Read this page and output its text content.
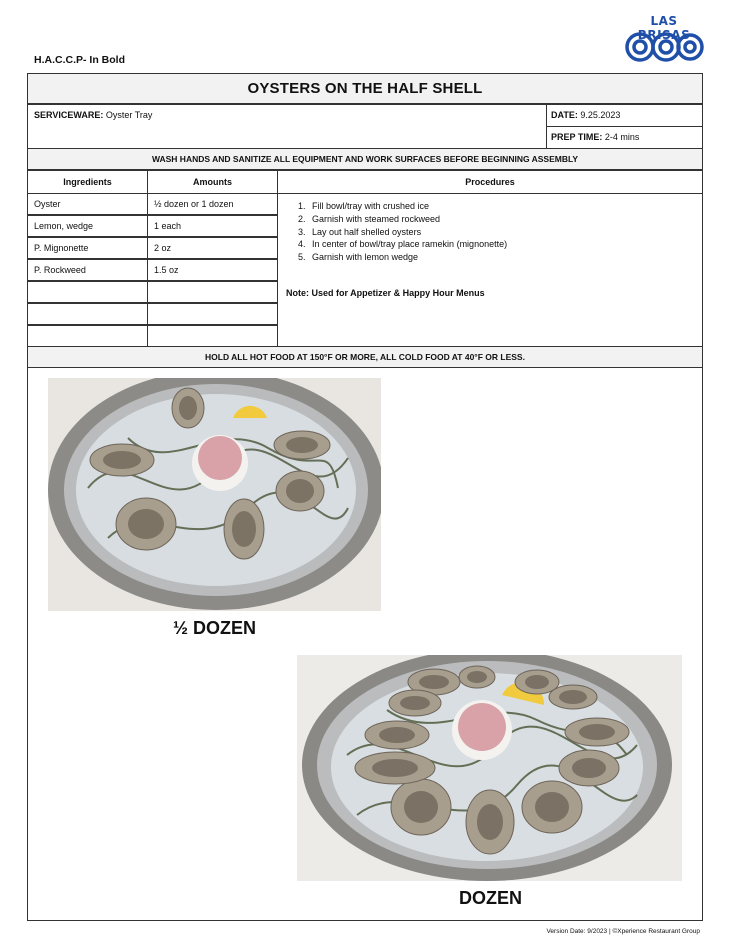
H.A.C.C.P- In Bold
LAS BRISAS
OYSTERS ON THE HALF SHELL
SERVICEWARE: Oyster Tray	DATE: 9.25.2023
PREP TIME: 2-4 mins
WASH HANDS AND SANITIZE ALL EQUIPMENT AND WORK SURFACES BEFORE BEGINNING ASSEMBLY
Ingredients	Amounts	Procedures
Oyster	½ dozen or 1 dozen
Lemon, wedge	1 each
P. Mignonette	2 oz
P. Rockweed	1.5 oz
1. Fill bowl/tray with crushed ice
2. Garnish with steamed rockweed
3. Lay out half shelled oysters
4. In center of bowl/tray place ramekin (mignonette)
5. Garnish with lemon wedge
Note: Used for Appetizer & Happy Hour Menus
HOLD ALL HOT FOOD AT 150°F OR MORE, ALL COLD FOOD AT 40°F OR LESS.
½ DOZEN
DOZEN
Version Date: 9/2023 | ©Xperience Restaurant Group
